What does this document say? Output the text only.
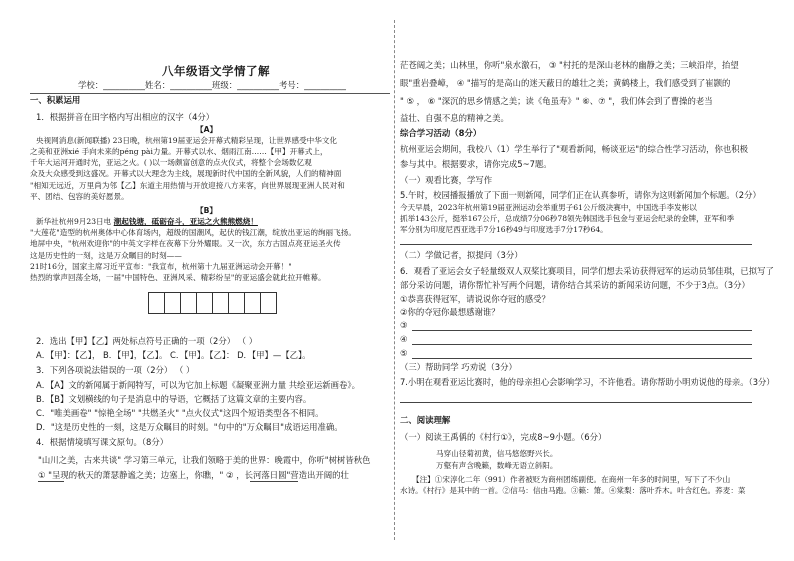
八年级语文学情了解
学校：__________姓名：__________班级：__________考号：__________
一、积累运用
1．根据拼音在田字格内写出相应的汉字（4分）
【A】
央视网消息(新闻联播) 23日晚，杭州第19届亚运会开幕式精彩呈现，让世界感受中华文化
之美和亚洲xié 手向未来的péng pài力量。开幕式以水、烟雨江南……【甲】开幕式上，
千年大运河开通时光，亚运之火。( )以一场颇富创意的点火仪式，将整个会场数亿观
众及大众感受到这盛况。开幕式以大理念为主线，展现新时代中国的全新风貌，人们的精神面
"相知无远近，万里尚为邻【乙】东道主用热情与开放迎接八方来客，向世界展现亚洲人民对和
平、团结、包容的美好愿景。
【B】
新华社杭州9月23日电 潮起钱塘，砥砺奋斗，亚运之火熊熊燃烧！
"大莲花"造型的杭州奥体中心体育场内，超级的国潮风，起伏的钱江潮，绽放出亚运的绚丽飞扬。
地屏中央，"杭州欢迎你"的中英文字样在夜幕下分外耀眼。又一次，东方古国点亮亚运圣火传
这是历史性的一刻，这是万众瞩目的时刻——
21时16分，国家主席习近平宣布："我宣布，杭州第十九届亚洲运动会开幕！"
热烈的掌声回荡全场，一届"中国特色、亚洲风采、精彩纷呈"的亚运盛会就此拉开帷幕。
2．选出【甲】【乙】两处标点符号正确的一项（2分） （ ）
A．【甲】：【乙】， B．【甲】，【乙】。 C．【甲】。【乙】： D．【甲】—【乙】。
3．下列各项说法错误的一项（2分） （ ）
A．【A】文的新闻属于新闻特写，可以为它加上标题《凝聚亚洲力量 共绘亚运新画卷》。
B．【B】文划横线的句子是消息中的导语，它概括了这篇文章的主要内容。
C．"唯美画卷" "惊艳全场" "共燃圣火" "点火仪式"这四个短语类型各不相同。
D．"这是历史性的一刻，这是万众瞩目的时刻。"句中的"万众瞩目"成语运用准确。
4．根据情境填写课文原句。（8分）
"山川之美，古来共谈" 学习第三单元，让我们领略于美的世界：晚霞中，你听"树树皆秋色
① "呈现的秋天的萧瑟静谧之美；边塞上，你瞧，" ② ，长河落日圆"营造出开阔的壮
茫苍阔之美；山林里，你听"泉水激石， ③ "村托的是深山老林的幽静之美；三峡沿岸，抬望
眼"重岩叠嶂， ④ "描写的是高山的迷天蔽日的雄壮之美；黄鹤楼上，我们感受到了崔颢的
" ⑤ ， ⑥ "深沉的思乡情感之美；读《龟虽寿》" ⑥、⑦ "，我们体会到了曹操的老当
益壮、自强不息的精神之美。
综合学习活动（8分）
杭州亚运会期间，我校八（1）学生举行了"观看新闻，畅谈亚运"的综合性学习活动，你也积极
参与其中。根据要求，请你完成5~7题。
（一）观看比赛，学写作
5.午时，校园播报播放了下面一则新闻，同学们正在认真参听，请你为这则新闻加个标题。（2分）
今天早晨，2023年杭州第19届亚洲运动会举重男子61公斤级决赛中，中国选手李发彬以
抓举143公斤，挺举167公斤，总成绩7分06秒78领先韩国选手包金与亚运会纪录的金牌，亚军和季
军分别为印度尼西亚选手7分16秒49与印度选手7分17秒64。
（二）学做记者，拟提问（3分）
6．观看了亚运会女子轻量级双人双桨比赛项目，同学们想去采访获得冠军的运动员邹佳琪，已拟写了
部分采访问题，请你帮忙补写两个问题，请你结合其采访的新闻采访问题，不少于3点。（3分）
①恭喜获得冠军，请说说你夺冠的感受？
②你的夺冠你最想感谢谁？
③
④
⑤
（三）帮助同学 巧劝说（3分）
7.小明在观看亚运比赛时，他的母亲担心会影响学习，不许他看。请你帮助小明劝说他的母亲。（3分）
二、阅读理解
（一）阅读王禹偁的《村行①》，完成8~9小题。（6分）
马穿山径菊初黄，信马悠悠野兴长。
万壑有声含晚籁，数峰无语立斜阳。
【注】①宋淳化二年（991）作者被贬为商州团练副使。在商州一年多的时间里，写下了不少山
水诗。《村行》是其中的一首。②信马：信由马跑。③籁：箫。④棠梨：落叶乔木。叶含红色。荞麦：菜
